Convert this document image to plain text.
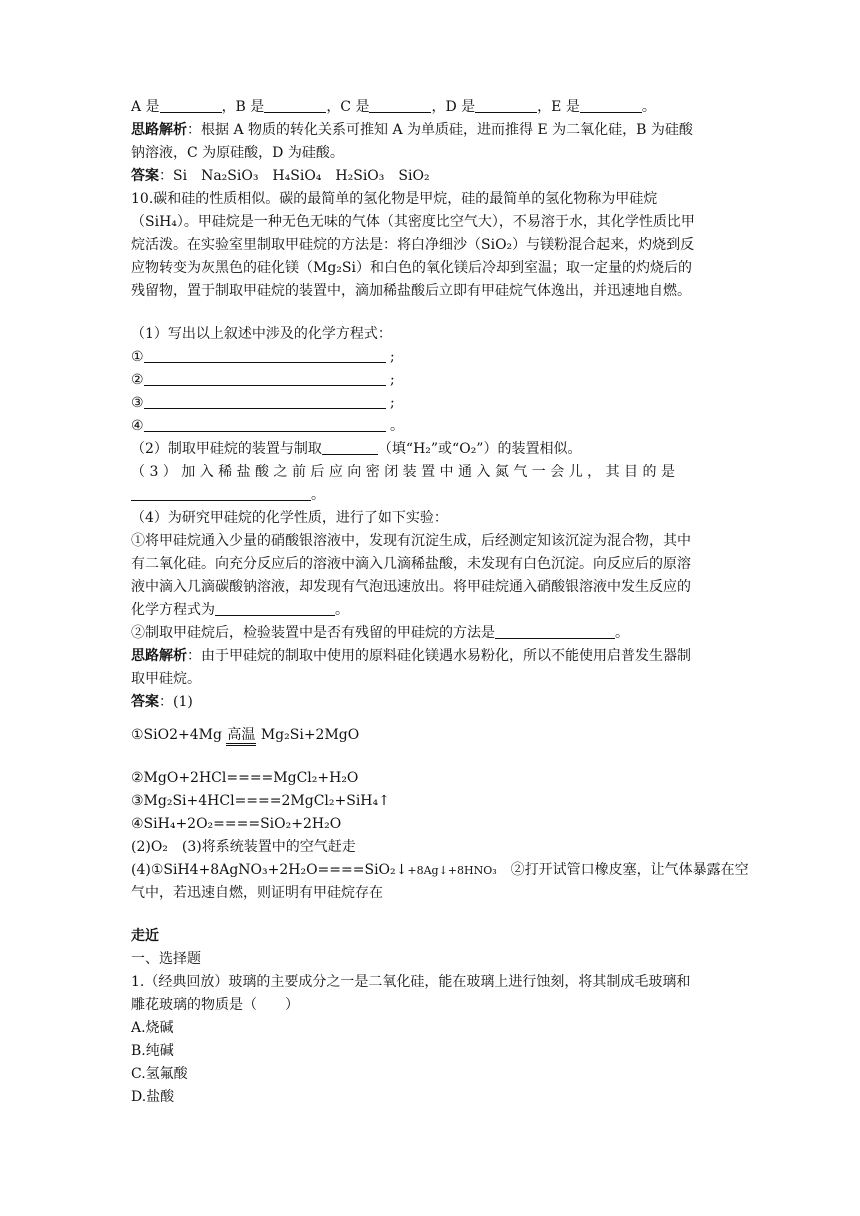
A 是	，B 是	，C 是	，D 是	，E 是	。
思路解析：根据 A 物质的转化关系可推知 A 为单质硅，进而推得 E 为二氧化硅，B 为硅酸
钠溶液，C 为原硅酸，D 为硅酸。
答案：Si　Na₂SiO₃　H₄SiO₄　H₂SiO₃　SiO₂
10.碳和硅的性质相似。碳的最简单的氢化物是甲烷，硅的最简单的氢化物称为甲硅烷
（SiH₄）。甲硅烷是一种无色无味的气体（其密度比空气大），不易溶于水，其化学性质比甲
烷活泼。在实验室里制取甲硅烷的方法是：将白净细沙（SiO₂）与镁粉混合起来，灼烧到反
应物转变为灰黑色的硅化镁（Mg₂Si）和白色的氧化镁后冷却到室温；取一定量的灼烧后的
残留物，置于制取甲硅烷的装置中，滴加稀盐酸后立即有甲硅烷气体逸出，并迅速地自燃。
（1）写出以上叙述中涉及的化学方程式：
①	;
②	;
③	;
④	。
（2）制取甲硅烷的装置与制取	（填“H₂”或“O₂”）的装置相似。
（ 3 ） 加 入 稀 盐 酸 之 前 后 应 向 密 闭 装 置 中 通 入 氮 气 一 会 儿 ， 其 目 的 是
。
（4）为研究甲硅烷的化学性质，进行了如下实验：
①将甲硅烷通入少量的硝酸银溶液中，发现有沉淀生成，后经测定知该沉淀为混合物，其中
有二氧化硅。向充分反应后的溶液中滴入几滴稀盐酸，未发现有白色沉淀。向反应后的原溶
液中滴入几滴碳酸钠溶液，却发现有气泡迅速放出。将甲硅烷通入硝酸银溶液中发生反应的
化学方程式为	。
②制取甲硅烷后，检验装置中是否有残留的甲硅烷的方法是	。
思路解析：由于甲硅烷的制取中使用的原料硅化镁遇水易粉化，所以不能使用启普发生器制
取甲硅烷。
答案：(1)
①SiO2+4Mg 高温 Mg₂Si+2MgO
②MgO+2HCl====MgCl₂+H₂O
③Mg₂Si+4HCl====2MgCl₂+SiH₄↑
④SiH₄+2O₂====SiO₂+2H₂O
(2)O₂　(3)将系统装置中的空气赶走
(4)①SiH4+8AgNO₃+2H₂O====SiO₂↓+8Ag↓+8HNO₃　②打开试管口橡皮塞，让气体暴露在空
气中，若迅速自燃，则证明有甲硅烷存在
走近
一、选择题
1.（经典回放）玻璃的主要成分之一是二氧化硅，能在玻璃上进行蚀刻，将其制成毛玻璃和
雕花玻璃的物质是（　　）
A.烧碱
B.纯碱
C.氢氟酸
D.盐酸
